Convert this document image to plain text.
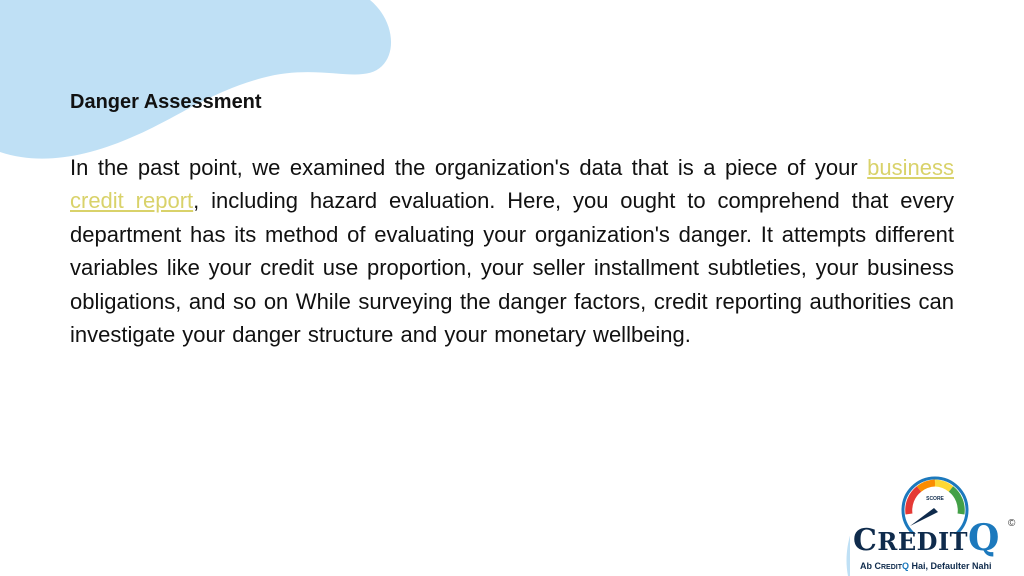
Danger Assessment

In the past point, we examined the organization's data that is a piece of your business credit report, including hazard evaluation. Here, you ought to comprehend that every department has its method of evaluating your organization's danger. It attempts different variables like your credit use proportion, your seller installment subtleties, your business obligations, and so on While surveying the danger factors, credit reporting authorities can investigate your danger structure and your monetary wellbeing.

SCORE
CREDITQ ©
Ab CREDITQ Hai, Defaulter Nahi
